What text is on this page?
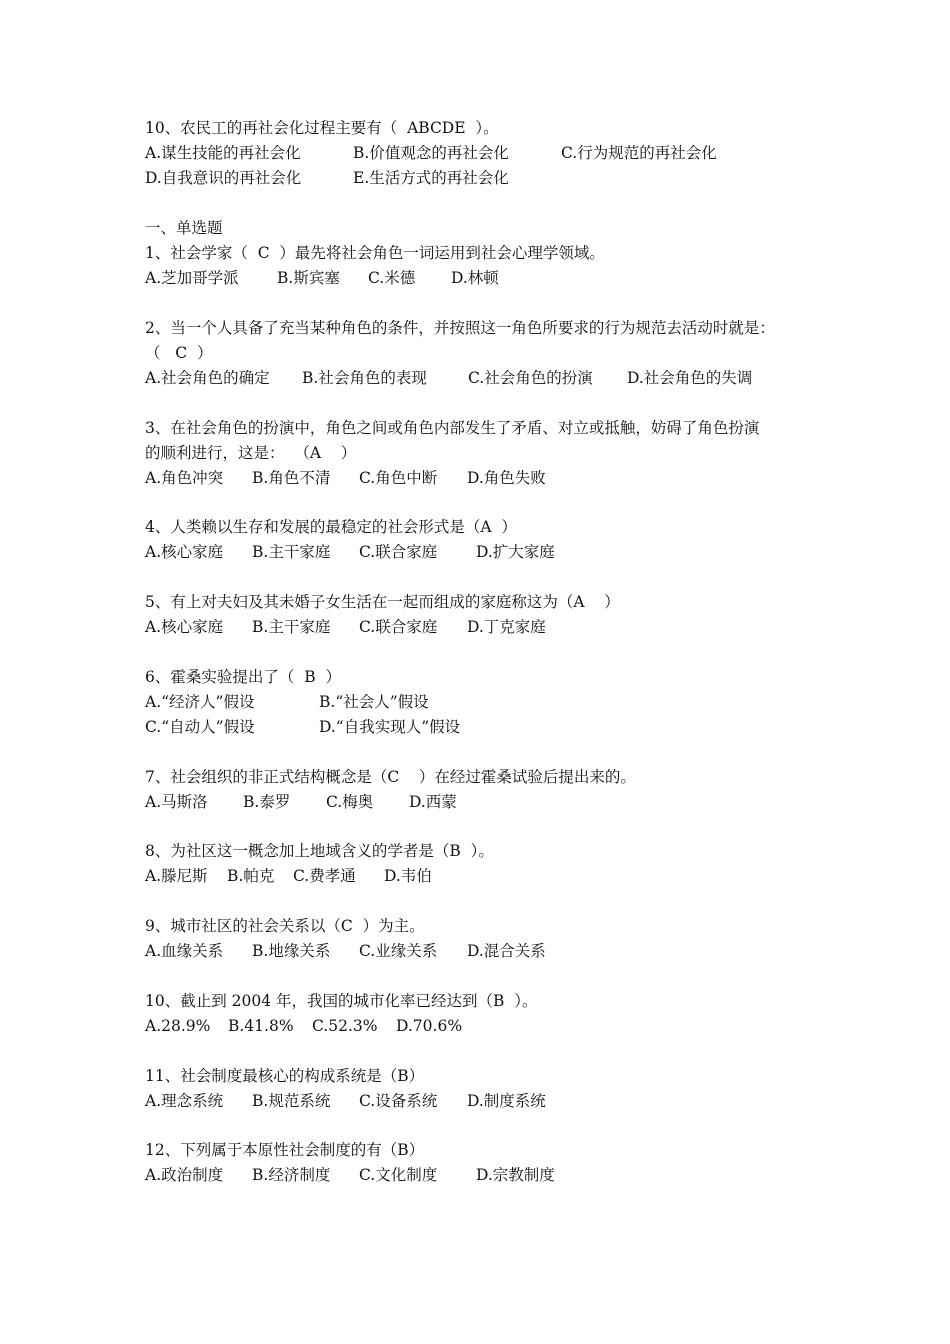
10、农民工的再社会化过程主要有（  ABCDE  ）。
A.谋生技能的再社会化	B.价值观念的再社会化	C.行为规范的再社会化
D.自我意识的再社会化	E.生活方式的再社会化
一、单选题
1、社会学家（  C  ）最先将社会角色一词运用到社会心理学领域。
A.芝加哥学派 B.斯宾塞 C.米德 D.林顿
2、当一个人具备了充当某种角色的条件，并按照这一角色所要求的行为规范去活动时就是：
（   C  ）
A.社会角色的确定 B.社会角色的表现	C.社会角色的扮演 D.社会角色的失调
3、在社会角色的扮演中，角色之间或角色内部发生了矛盾、对立或抵触，妨碍了角色扮演
的顺利进行，这是：  （A    ）
A.角色冲突 B.角色不清 C.角色中断 D.角色失败
4、人类赖以生存和发展的最稳定的社会形式是（A  ）
A.核心家庭 B.主干家庭 C.联合家庭	D.扩大家庭
5、有上对夫妇及其未婚子女生活在一起而组成的家庭称这为（A    ）
A.核心家庭 B.主干家庭 C.联合家庭 D.丁克家庭
6、霍桑实验提出了（  B  ）
A.“经济人”假设	B.“社会人”假设
C.“自动人”假设	D.“自我实现人”假设
7、社会组织的非正式结构概念是（C    ）在经过霍桑试验后提出来的。
A.马斯洛 B.泰罗 C.梅奥 D.西蒙
8、为社区这一概念加上地域含义的学者是（B  ）。
A.滕尼斯 B.帕克 C.费孝通 D.韦伯
9、城市社区的社会关系以（C  ）为主。
A.血缘关系 B.地缘关系 C.业缘关系 D.混合关系
10、截止到 2004 年，我国的城市化率已经达到（B  ）。
A.28.9% B.41.8% C.52.3% D.70.6%
11、社会制度最核心的构成系统是（B）
A.理念系统 B.规范系统 C.设备系统 D.制度系统
12、下列属于本原性社会制度的有（B）
A.政治制度 B.经济制度 C.文化制度	D.宗教制度
